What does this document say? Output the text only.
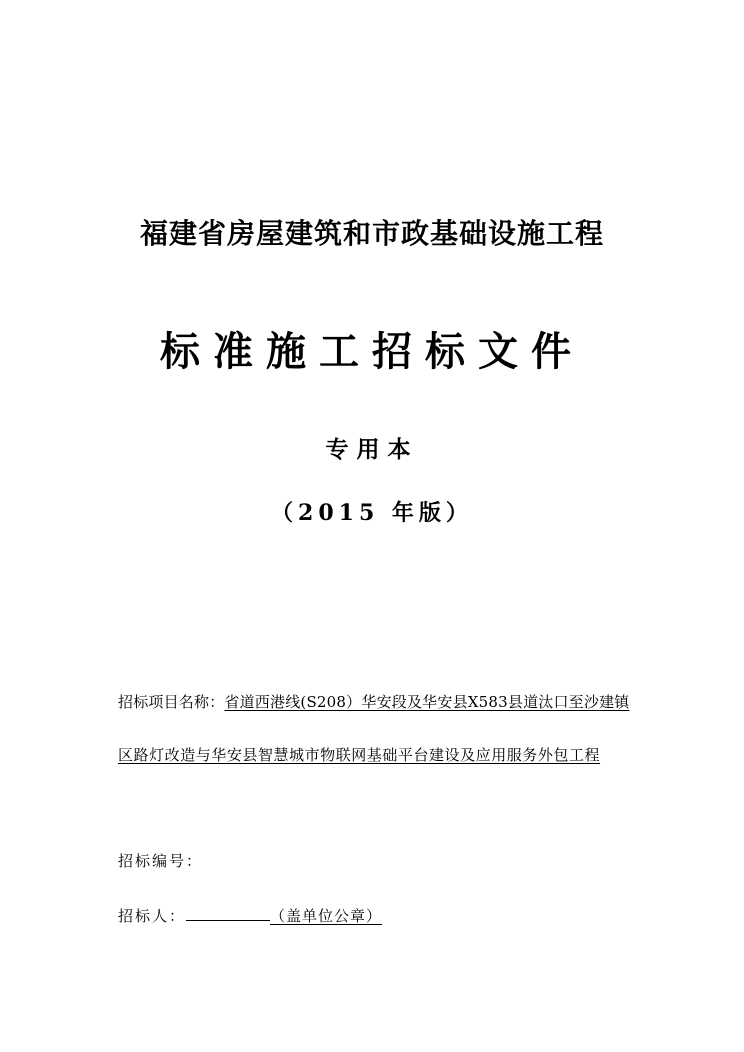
福建省房屋建筑和市政基础设施工程
标准施工招标文件
专用本
（2015 年版）
招标项目名称：省道西港线(S208）华安段及华安县X583县道汰口至沙建镇
区路灯改造与华安县智慧城市物联网基础平台建设及应用服务外包工程
招标编号：
招标人：	（盖单位公章）
